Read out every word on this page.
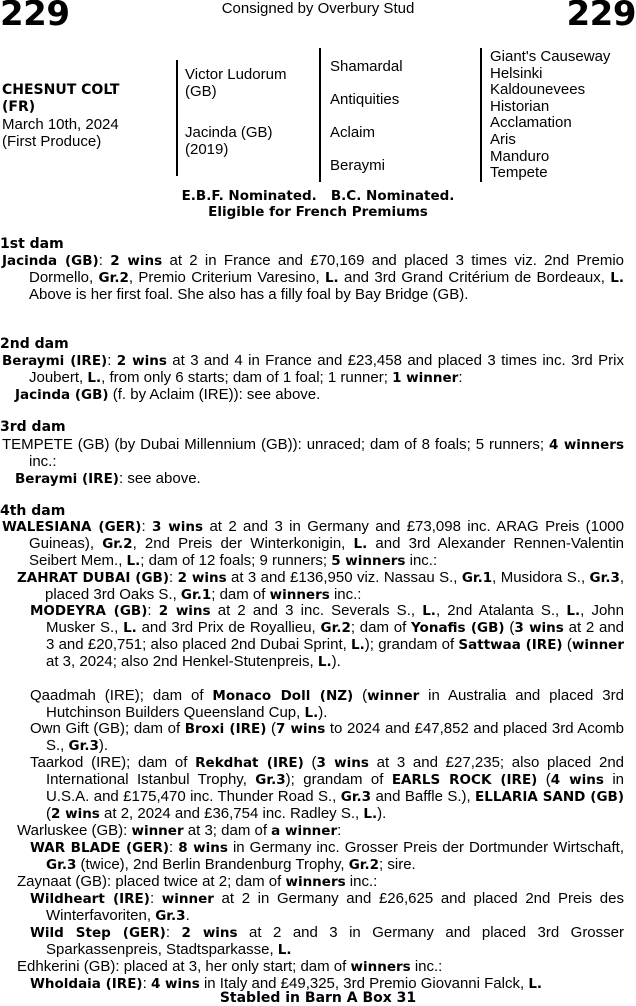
229	Consigned by Overbury Stud	229
CHESNUT COLT
(FR)
March 10th, 2024
(First Produce)
Victor Ludorum (GB)
Jacinda (GB) (2019)
Shamardal
Antiquities
Aclaim
Beraymi
Giant's Causeway
Helsinki
Kaldounevees
Historian
Acclamation
Aris
Manduro
Tempete
E.B.F. Nominated.   B.C. Nominated.
Eligible for French Premiums
1st dam
Jacinda (GB): 2 wins at 2 in France and £70,169 and placed 3 times viz. 2nd Premio Dormello, Gr.2, Premio Criterium Varesino, L. and 3rd Grand Critérium de Bordeaux, L. Above is her first foal. She also has a filly foal by Bay Bridge (GB).
2nd dam
Beraymi (IRE): 2 wins at 3 and 4 in France and £23,458 and placed 3 times inc. 3rd Prix Joubert, L., from only 6 starts; dam of 1 foal; 1 runner; 1 winner:
Jacinda (GB) (f. by Aclaim (IRE)): see above.
3rd dam
TEMPETE (GB) (by Dubai Millennium (GB)): unraced; dam of 8 foals; 5 runners; 4 winners inc.:
Beraymi (IRE): see above.
4th dam
WALESIANA (GER): 3 wins at 2 and 3 in Germany and £73,098 inc. ARAG Preis (1000 Guineas), Gr.2, 2nd Preis der Winterkonigin, L. and 3rd Alexander Rennen-Valentin Seibert Mem., L.; dam of 12 foals; 9 runners; 5 winners inc.:
ZAHRAT DUBAI (GB): 2 wins at 3 and £136,950 viz. Nassau S., Gr.1, Musidora S., Gr.3, placed 3rd Oaks S., Gr.1; dam of winners inc.:
MODEYRA (GB): 2 wins at 2 and 3 inc. Severals S., L., 2nd Atalanta S., L., John Musker S., L. and 3rd Prix de Royallieu, Gr.2; dam of Yonafis (GB) (3 wins at 2 and 3 and £20,751; also placed 2nd Dubai Sprint, L.); grandam of Sattwaa (IRE) (winner at 3, 2024; also 2nd Henkel-Stutenpreis, L.).
Qaadmah (IRE); dam of Monaco Doll (NZ) (winner in Australia and placed 3rd Hutchinson Builders Queensland Cup, L.).
Own Gift (GB); dam of Broxi (IRE) (7 wins to 2024 and £47,852 and placed 3rd Acomb S., Gr.3).
Taarkod (IRE); dam of Rekdhat (IRE) (3 wins at 3 and £27,235; also placed 2nd International Istanbul Trophy, Gr.3); grandam of EARLS ROCK (IRE) (4 wins in U.S.A. and £175,470 inc. Thunder Road S., Gr.3 and Baffle S.), ELLARIA SAND (GB) (2 wins at 2, 2024 and £36,754 inc. Radley S., L.).
Warluskee (GB): winner at 3; dam of a winner:
WAR BLADE (GER): 8 wins in Germany inc. Grosser Preis der Dortmunder Wirtschaft, Gr.3 (twice), 2nd Berlin Brandenburg Trophy, Gr.2; sire.
Zaynaat (GB): placed twice at 2; dam of winners inc.:
Wildheart (IRE): winner at 2 in Germany and £26,625 and placed 2nd Preis des Winterfavoriten, Gr.3.
Wild Step (GER): 2 wins at 2 and 3 in Germany and placed 3rd Grosser Sparkassenpreis, Stadtsparkasse, L.
Edhkerini (GB): placed at 3, her only start; dam of winners inc.:
Wholdaia (IRE): 4 wins in Italy and £49,325, 3rd Premio Giovanni Falck, L.
Stabled in Barn A Box 31
